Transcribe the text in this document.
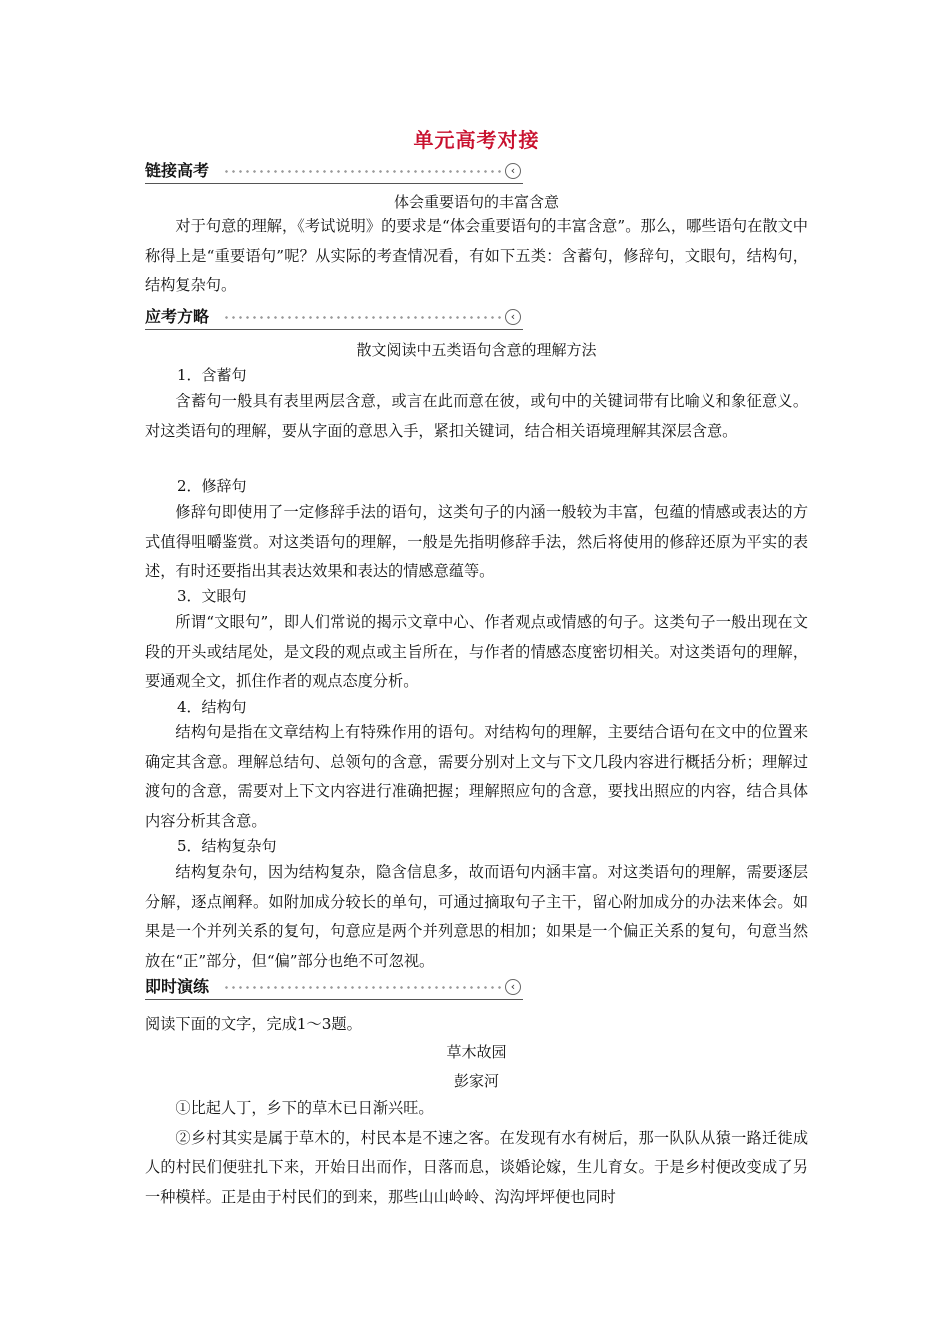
单元高考对接
链接高考	‹
体会重要语句的丰富含意

对于句意的理解，《考试说明》的要求是“体会重要语句的丰富含意”。那么，哪些语句在散文中称得上是“重要语句”呢？从实际的考查情况看，有如下五类：含蓄句，修辞句，文眼句，结构句，结构复杂句。

应考方略	‹
散文阅读中五类语句含意的理解方法
1．含蓄句

含蓄句一般具有表里两层含意，或言在此而意在彼，或句中的关键词带有比喻义和象征意义。对这类语句的理解，要从字面的意思入手，紧扣关键词，结合相关语境理解其深层含意。

2．修辞句

修辞句即使用了一定修辞手法的语句，这类句子的内涵一般较为丰富，包蕴的情感或表达的方式值得咀嚼鉴赏。对这类语句的理解，一般是先指明修辞手法，然后将使用的修辞还原为平实的表述，有时还要指出其表达效果和表达的情感意蕴等。

3．文眼句

所谓“文眼句”，即人们常说的揭示文章中心、作者观点或情感的句子。这类句子一般出现在文段的开头或结尾处，是文段的观点或主旨所在，与作者的情感态度密切相关。对这类语句的理解，要通观全文，抓住作者的观点态度分析。

4．结构句

结构句是指在文章结构上有特殊作用的语句。对结构句的理解，主要结合语句在文中的位置来确定其含意。理解总结句、总领句的含意，需要分别对上文与下文几段内容进行概括分析；理解过渡句的含意，需要对上下文内容进行准确把握；理解照应句的含意，要找出照应的内容，结合具体内容分析其含意。

5．结构复杂句

结构复杂句，因为结构复杂，隐含信息多，故而语句内涵丰富。对这类语句的理解，需要逐层分解，逐点阐释。如附加成分较长的单句，可通过摘取句子主干，留心附加成分的办法来体会。如果是一个并列关系的复句，句意应是两个并列意思的相加；如果是一个偏正关系的复句，句意当然放在“正”部分，但“偏”部分也绝不可忽视。

即时演练	‹

阅读下面的文字，完成1～3题。

草木故园
彭家河

①比起人丁，乡下的草木已日渐兴旺。

②乡村其实是属于草木的，村民本是不速之客。在发现有水有树后，那一队队从猿一路迁徙成人的村民们便驻扎下来，开始日出而作，日落而息，谈婚论嫁，生儿育女。于是乡村便改变成了另一种模样。正是由于村民们的到来，那些山山岭岭、沟沟坪坪便也同时
